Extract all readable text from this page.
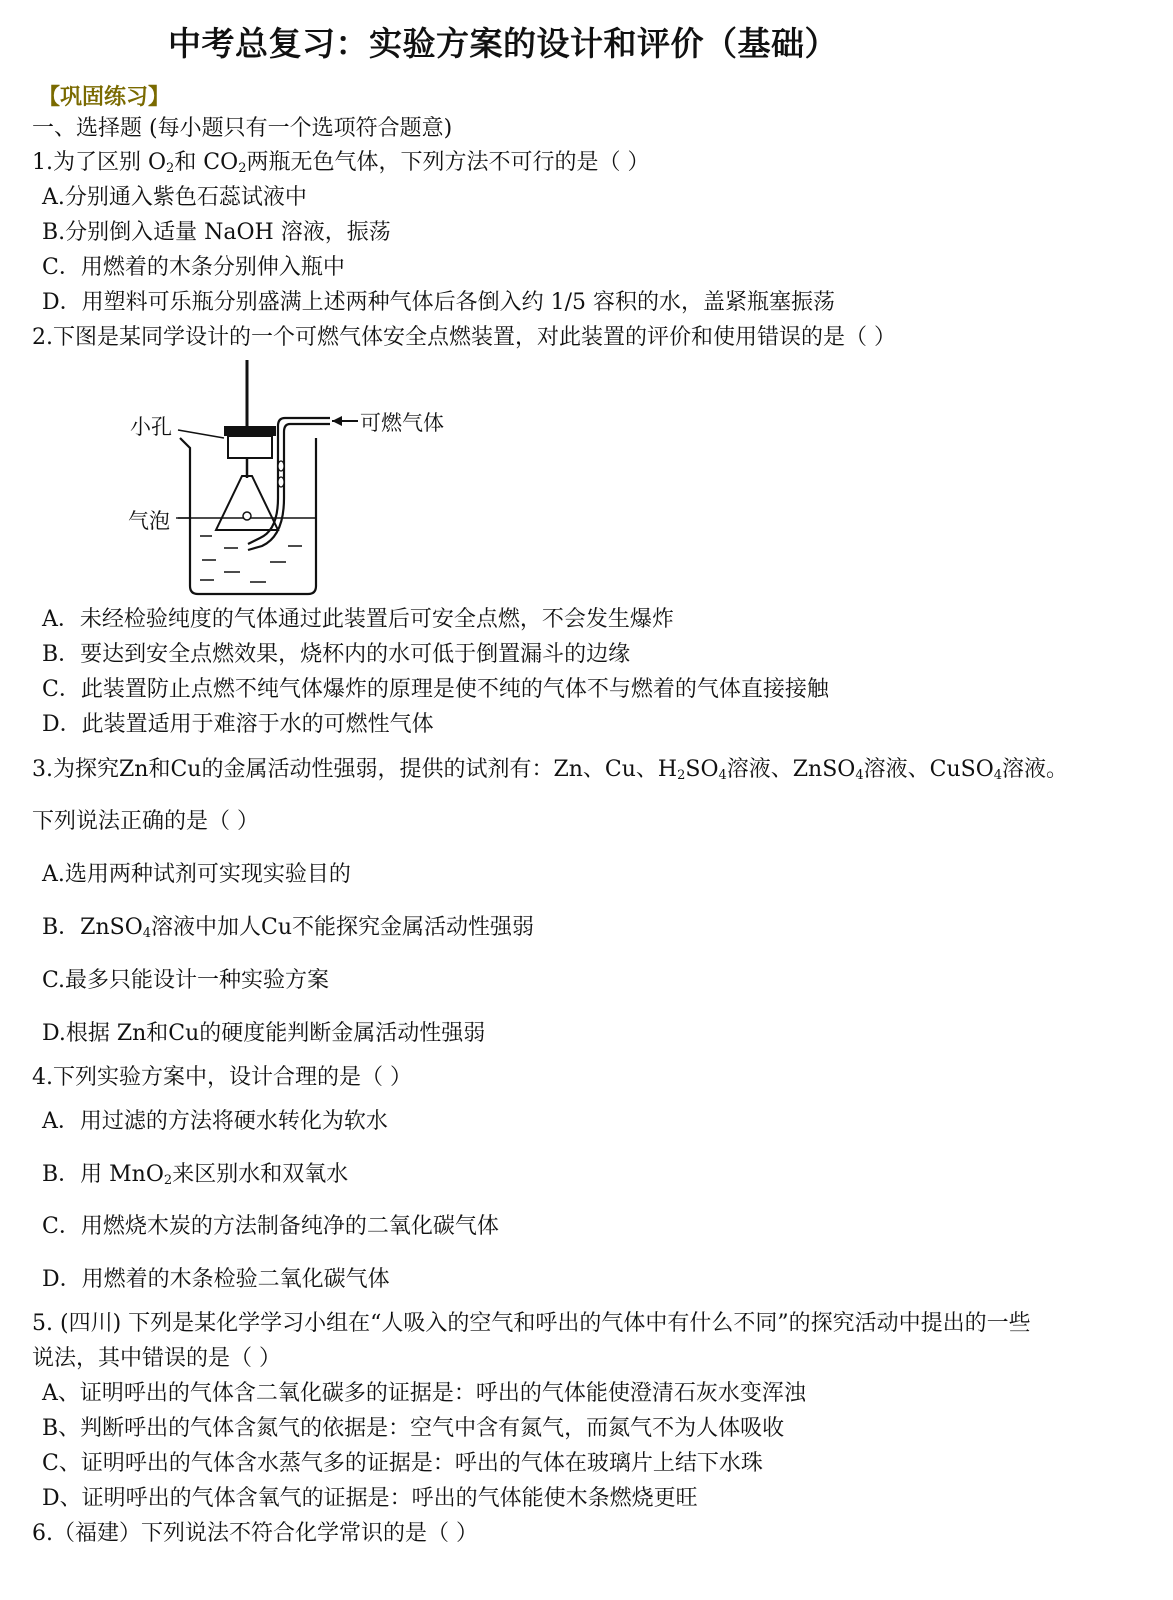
中考总复习：实验方案的设计和评价（基础）
【巩固练习】
一、选择题 (每小题只有一个选项符合题意)
1.为了区别 $O_2$和 $CO_2$两瓶无色气体，下列方法不可行的是（ ）
A.分别通入紫色石蕊试液中
B.分别倒入适量 NaOH 溶液，振荡
C．用燃着的木条分别伸入瓶中
D．用塑料可乐瓶分别盛满上述两种气体后各倒入约 1/5 容积的水，盖紧瓶塞振荡
2.下图是某同学设计的一个可燃气体安全点燃装置，对此装置的评价和使用错误的是（ ）
小孔	可燃气体
气泡
A．未经检验纯度的气体通过此装置后可安全点燃，不会发生爆炸
B．要达到安全点燃效果，烧杯内的水可低于倒置漏斗的边缘
C．此装置防止点燃不纯气体爆炸的原理是使不纯的气体不与燃着的气体直接接触
D．此装置适用于难溶于水的可燃性气体
3.为探究Zn和Cu的金属活动性强弱，提供的试剂有：Zn、Cu、$H_2SO_4$溶液、ZnSO$_4$溶液、CuSO$_4$溶液。
下列说法正确的是（ ）
A.选用两种试剂可实现实验目的
B．ZnSO$_4$溶液中加人Cu不能探究金属活动性强弱
C.最多只能设计一种实验方案
D.根据 Zn和Cu的硬度能判断金属活动性强弱
4.下列实验方案中，设计合理的是（ ）
A．用过滤的方法将硬水转化为软水
B．用 MnO$_2$来区别水和双氧水
C．用燃烧木炭的方法制备纯净的二氧化碳气体
D．用燃着的木条检验二氧化碳气体
5. (四川) 下列是某化学学习小组在“人吸入的空气和呼出的气体中有什么不同”的探究活动中提出的一些
说法，其中错误的是（ ）
A、证明呼出的气体含二氧化碳多的证据是：呼出的气体能使澄清石灰水变浑浊
B、判断呼出的气体含氮气的依据是：空气中含有氮气，而氮气不为人体吸收
C、证明呼出的气体含水蒸气多的证据是：呼出的气体在玻璃片上结下水珠
D、证明呼出的气体含氧气的证据是：呼出的气体能使木条燃烧更旺
6.（福建）下列说法不符合化学常识的是（ ）
